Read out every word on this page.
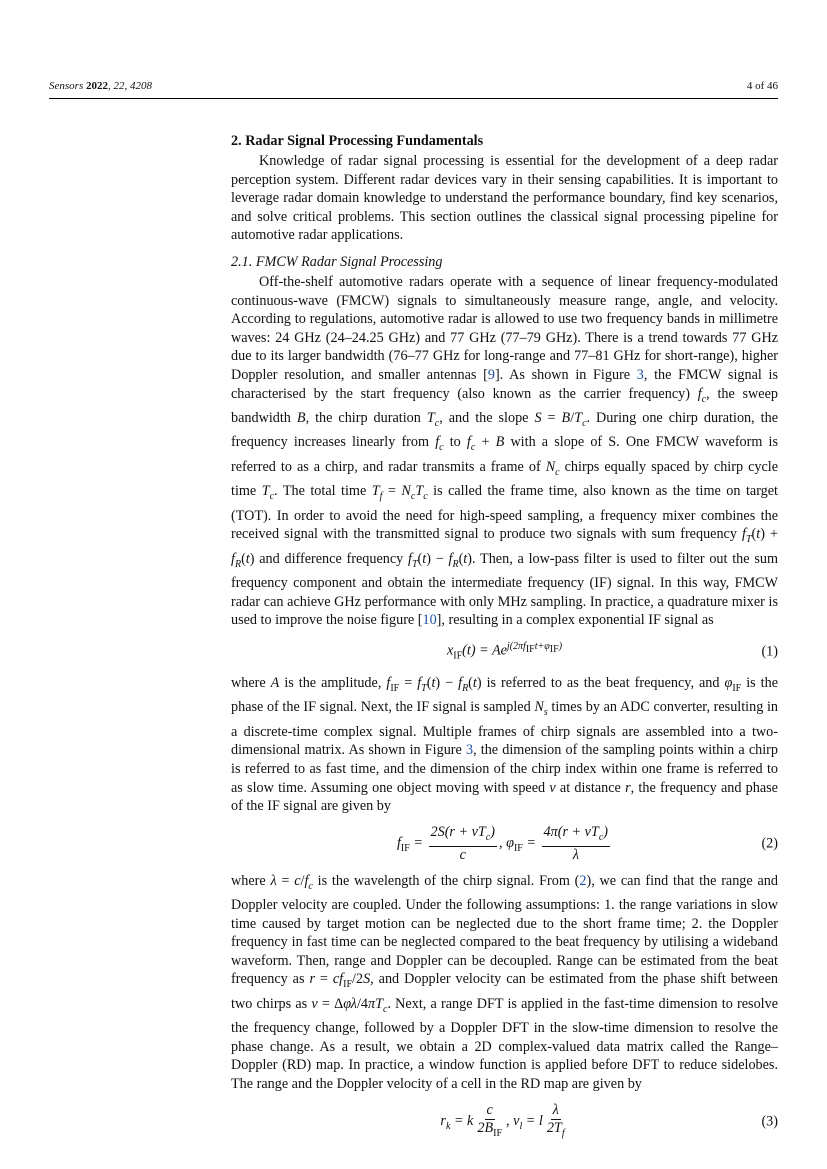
Sensors 2022, 22, 4208	4 of 46
2. Radar Signal Processing Fundamentals

Knowledge of radar signal processing is essential for the development of a deep radar perception system. Different radar devices vary in their sensing capabilities. It is important to leverage radar domain knowledge to understand the performance boundary, find key scenarios, and solve critical problems. This section outlines the classical signal processing pipeline for automotive radar applications.

2.1. FMCW Radar Signal Processing

Off-the-shelf automotive radars operate with a sequence of linear frequency-modulated continuous-wave (FMCW) signals to simultaneously measure range, angle, and velocity. According to regulations, automotive radar is allowed to use two frequency bands in millimetre waves: 24 GHz (24–24.25 GHz) and 77 GHz (77–79 GHz). There is a trend towards 77 GHz due to its larger bandwidth (76–77 GHz for long-range and 77–81 GHz for short-range), higher Doppler resolution, and smaller antennas [9]. As shown in Figure 3, the FMCW signal is characterised by the start frequency (also known as the carrier frequency) $f_c$, the sweep bandwidth B, the chirp duration $T_c$, and the slope $S = B/T_c$. During one chirp duration, the frequency increases linearly from $f_c$ to $f_c + B$ with a slope of S. One FMCW waveform is referred to as a chirp, and radar transmits a frame of $N_c$ chirps equally spaced by chirp cycle time $T_c$. The total time $T_f = N_cT_c$ is called the frame time, also known as the time on target (TOT). In order to avoid the need for high-speed sampling, a frequency mixer combines the received signal with the transmitted signal to produce two signals with sum frequency $f_T(t) + f_R(t)$ and difference frequency $f_T(t) - f_R(t)$. Then, a low-pass filter is used to filter out the sum frequency component and obtain the intermediate frequency (IF) signal. In this way, FMCW radar can achieve GHz performance with only MHz sampling. In practice, a quadrature mixer is used to improve the noise figure [10], resulting in a complex exponential IF signal as

$x_{IF}(t) = Ae^{j(2\pi f_{IF}t+\varphi_{IF})}$	(1)

where A is the amplitude, $f_{IF} = f_T(t) - f_R(t)$ is referred to as the beat frequency, and $\varphi_{IF}$ is the phase of the IF signal. Next, the IF signal is sampled $N_s$ times by an ADC converter, resulting in a discrete-time complex signal. Multiple frames of chirp signals are assembled into a two-dimensional matrix. As shown in Figure 3, the dimension of the sampling points within a chirp is referred to as fast time, and the dimension of the chirp index within one frame is referred to as slow time. Assuming one object moving with speed v at distance r, the frequency and phase of the IF signal are given by

$f_{IF} = \frac{2S(r + vT_c)}{c}$ , $\varphi_{IF} = \frac{4\pi(r + vT_c)}{\lambda}$	(2)

where $\lambda = c/f_c$ is the wavelength of the chirp signal. From (2), we can find that the range and Doppler velocity are coupled. Under the following assumptions: 1. the range variations in slow time caused by target motion can be neglected due to the short frame time; 2. the Doppler frequency in fast time can be neglected compared to the beat frequency by utilising a wideband waveform. Then, range and Doppler can be decoupled. Range can be estimated from the beat frequency as $r = cf_{IF}/2S$, and Doppler velocity can be estimated from the phase shift between two chirps as v = Δφλ/$4\pi T_c$. Next, a range DFT is applied in the fast-time dimension to resolve the frequency change, followed by a Doppler DFT in the slow-time dimension to resolve the phase change. As a result, we obtain a 2D complex-valued data matrix called the Range–Doppler (RD) map. In practice, a window function is applied before DFT to reduce sidelobes. The range and the Doppler velocity of a cell in the RD map are given by

$r_k = k \frac{c}{2B_{IF}}$ , $v_l = l \frac{\lambda}{2T_f}$	(3)
